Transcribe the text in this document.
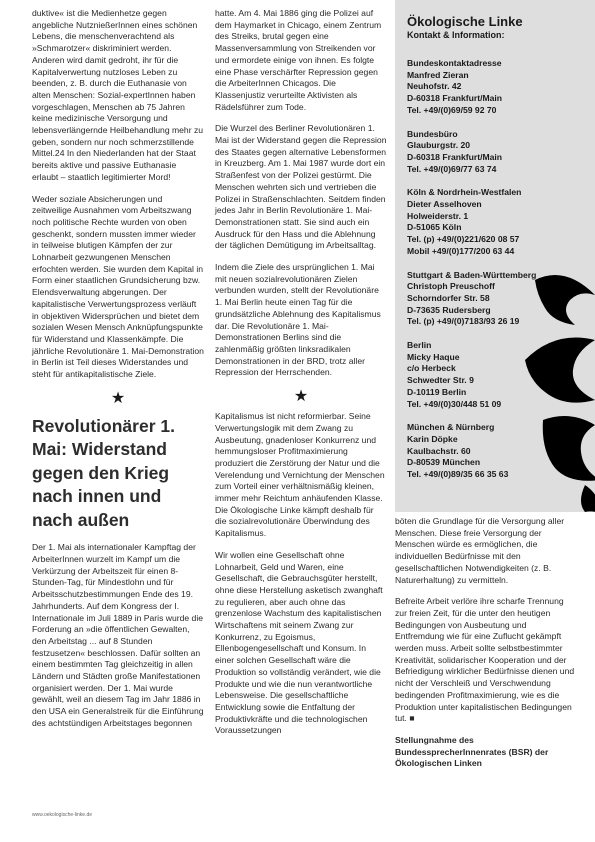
duktive« ist die Medienhetze gegen angebliche NutznießerInnen eines schönen Lebens, die menschenverachtend als »Schmarotzer« diskriminiert werden. Anderen wird damit gedroht, ihr für die Kapitalverwertung nutzloses Leben zu beenden, z. B. durch die Euthanasie von alten Menschen: Sozial-expertInnen haben vorgeschlagen, Menschen ab 75 Jahren keine medizinische Versorgung und lebensverlängernde Heilbehandlung mehr zu geben, sondern nur noch schmerzstillende Mittel.24 In den Niederlanden hat der Staat bereits aktive und passive Euthanasie erlaubt – staatlich legitimierter Mord!

Weder soziale Absicherungen und zeitweilige Ausnahmen vom Arbeitszwang noch politische Rechte wurden von oben geschenkt, sondern mussten immer wieder in teilweise blutigen Kämpfen der zur Lohnarbeit gezwungenen Menschen erfochten werden. Sie wurden dem Kapital in Form einer staatlichen Grundsicherung bzw. Elendsverwaltung abgerungen. Der kapitalistische Verwertungsprozess verläuft in objektiven Widersprüchen und bietet dem sozialen Wesen Mensch Anknüpfungspunkte für Widerstand und Klassenkämpfe. Die jährliche Revolutionäre 1. Mai-Demonstration in Berlin ist Teil dieses Widerstandes und steht für antikapitalistische Ziele.

★
Revolutionärer 1. Mai: Widerstand gegen den Krieg nach innen und nach außen

Der 1. Mai als internationaler Kampftag der ArbeiterInnen wurzelt im Kampf um die Verkürzung der Arbeitszeit für einen 8-Stunden-Tag, für Mindestlohn und für Arbeitsschutzbestimmungen Ende des 19. Jahrhunderts. Auf dem Kongress der I. Internationale im Juli 1889 in Paris wurde die Forderung an »die öffentlichen Gewalten, den Arbeitstag ... auf 8 Stunden festzusetzen« beschlossen. Dafür sollten an einem bestimmten Tag gleichzeitig in allen Ländern und Städten große Manifestationen organisiert werden. Der 1. Mai wurde gewählt, weil an diesem Tag im Jahr 1886 in den USA ein Generalstreik für die Einführung des achtstündigen Arbeitstages begonnen

hatte. Am 4. Mai 1886 ging die Polizei auf dem Haymarket in Chicago, einem Zentrum des Streiks, brutal gegen eine Massenversammlung von Streikenden vor und ermordete einige von ihnen. Es folgte eine Phase verschärfter Repression gegen die ArbeiterInnen Chicagos. Die Klassenjustiz verurteilte Aktivisten als Rädelsführer zum Tode.

Die Wurzel des Berliner Revolutionären 1. Mai ist der Widerstand gegen die Repression des Staates gegen alternative Lebensformen in Kreuzberg. Am 1. Mai 1987 wurde dort ein Straßenfest von der Polizei gestürmt. Die Menschen wehrten sich und vertrieben die Polizei in Straßenschlachten. Seitdem finden jedes Jahr in Berlin Revolutionäre 1. Mai-Demonstrationen statt. Sie sind auch ein Ausdruck für den Hass und die Ablehnung der täglichen Demütigung im Arbeitsalltag.

Indem die Ziele des ursprünglichen 1. Mai mit neuen sozialrevolutionären Zielen verbunden wurden, stellt der Revolutionäre 1. Mai Berlin heute einen Tag für die grundsätzliche Ablehnung des Kapitalismus dar. Die Revolutionäre 1. Mai-Demonstrationen Berlins sind die zahlenmäßig größten linksradikalen Demonstrationen in der BRD, trotz aller Repression der Herrschenden.

★

Kapitalismus ist nicht reformierbar. Seine Verwertungslogik mit dem Zwang zu Ausbeutung, gnadenloser Konkurrenz und hemmungsloser Profitmaximierung produziert die Zerstörung der Natur und die Verelendung und Vernichtung der Menschen zum Vorteil einer verhältnismäßig kleinen, immer mehr Reichtum anhäufenden Klasse. Die Ökologische Linke kämpft deshalb für die sozialrevolutionäre Überwindung des Kapitalismus.

Wir wollen eine Gesellschaft ohne Lohnarbeit, Geld und Waren, eine Gesellschaft, die Gebrauchsgüter herstellt, ohne diese Herstellung asketisch zwanghaft zu regulieren, aber auch ohne das grenzenlose Wachstum des kapitalistischen Wirtschaftens mit seinem Zwang zur Konkurrenz, zu Egoismus, Ellenbogengesellschaft und Konsum. In einer solchen Gesellschaft wäre die Produktion so vollständig verändert, wie die Produkte und wie die nun verantwortliche Lebensweise. Die gesellschaftliche Entwicklung sowie die Entfaltung der Produktivkräfte und die technologischen Voraussetzungen

Ökologische Linke
Kontakt & Information:
Bundeskontaktadresse
Manfred Zieran
Neuhofstr. 42
D-60318 Frankfurt/Main
Tel. +49/(0)69/59 92 70
Bundesbüro
Glauburgstr. 20
D-60318 Frankfurt/Main
Tel. +49/(0)69/77 63 74
Köln & Nordrhein-Westfalen
Dieter Asselhoven
Holweiderstr. 1
D-51065 Köln
Tel. (p) +49/(0)221/620 08 57
Mobil +49/(0)177/200 63 44
Stuttgart & Baden-Württemberg
Christoph Preuschoff
Schorndorfer Str. 58
D-73635 Rudersberg
Tel. (p) +49/(0)7183/93 26 19
Berlin
Micky Haque
c/o Herbeck
Schwedter Str. 9
D-10119 Berlin
Tel. +49/(0)30/448 51 09
München & Nürnberg
Karin Döpke
Kaulbachstr. 60
D-80539 München
Tel. +49/(0)89/35 66 35 63

böten die Grundlage für die Versorgung aller Menschen. Diese freie Versorgung der Menschen würde es ermöglichen, die individuellen Bedürfnisse mit den gesellschaftlichen Notwendigkeiten (z. B. Naturerhaltung) zu vermitteln.

Befreite Arbeit verlöre ihre scharfe Trennung zur freien Zeit, für die unter den heutigen Bedingungen von Ausbeutung und Entfremdung wie für eine Zuflucht gekämpft werden muss. Arbeit sollte selbstbestimmter Kreativität, solidarischer Kooperation und der Befriedigung wirklicher Bedürfnisse dienen und nicht der Verschleiß und Verschwendung bedingenden Profitmaximierung, wie es die Produktion unter kapitalistischen Bedingungen tut. ■

Stellungnahme des BundessprecherInnenrates (BSR) der Ökologischen Linken
www.oekologische-linke.de
